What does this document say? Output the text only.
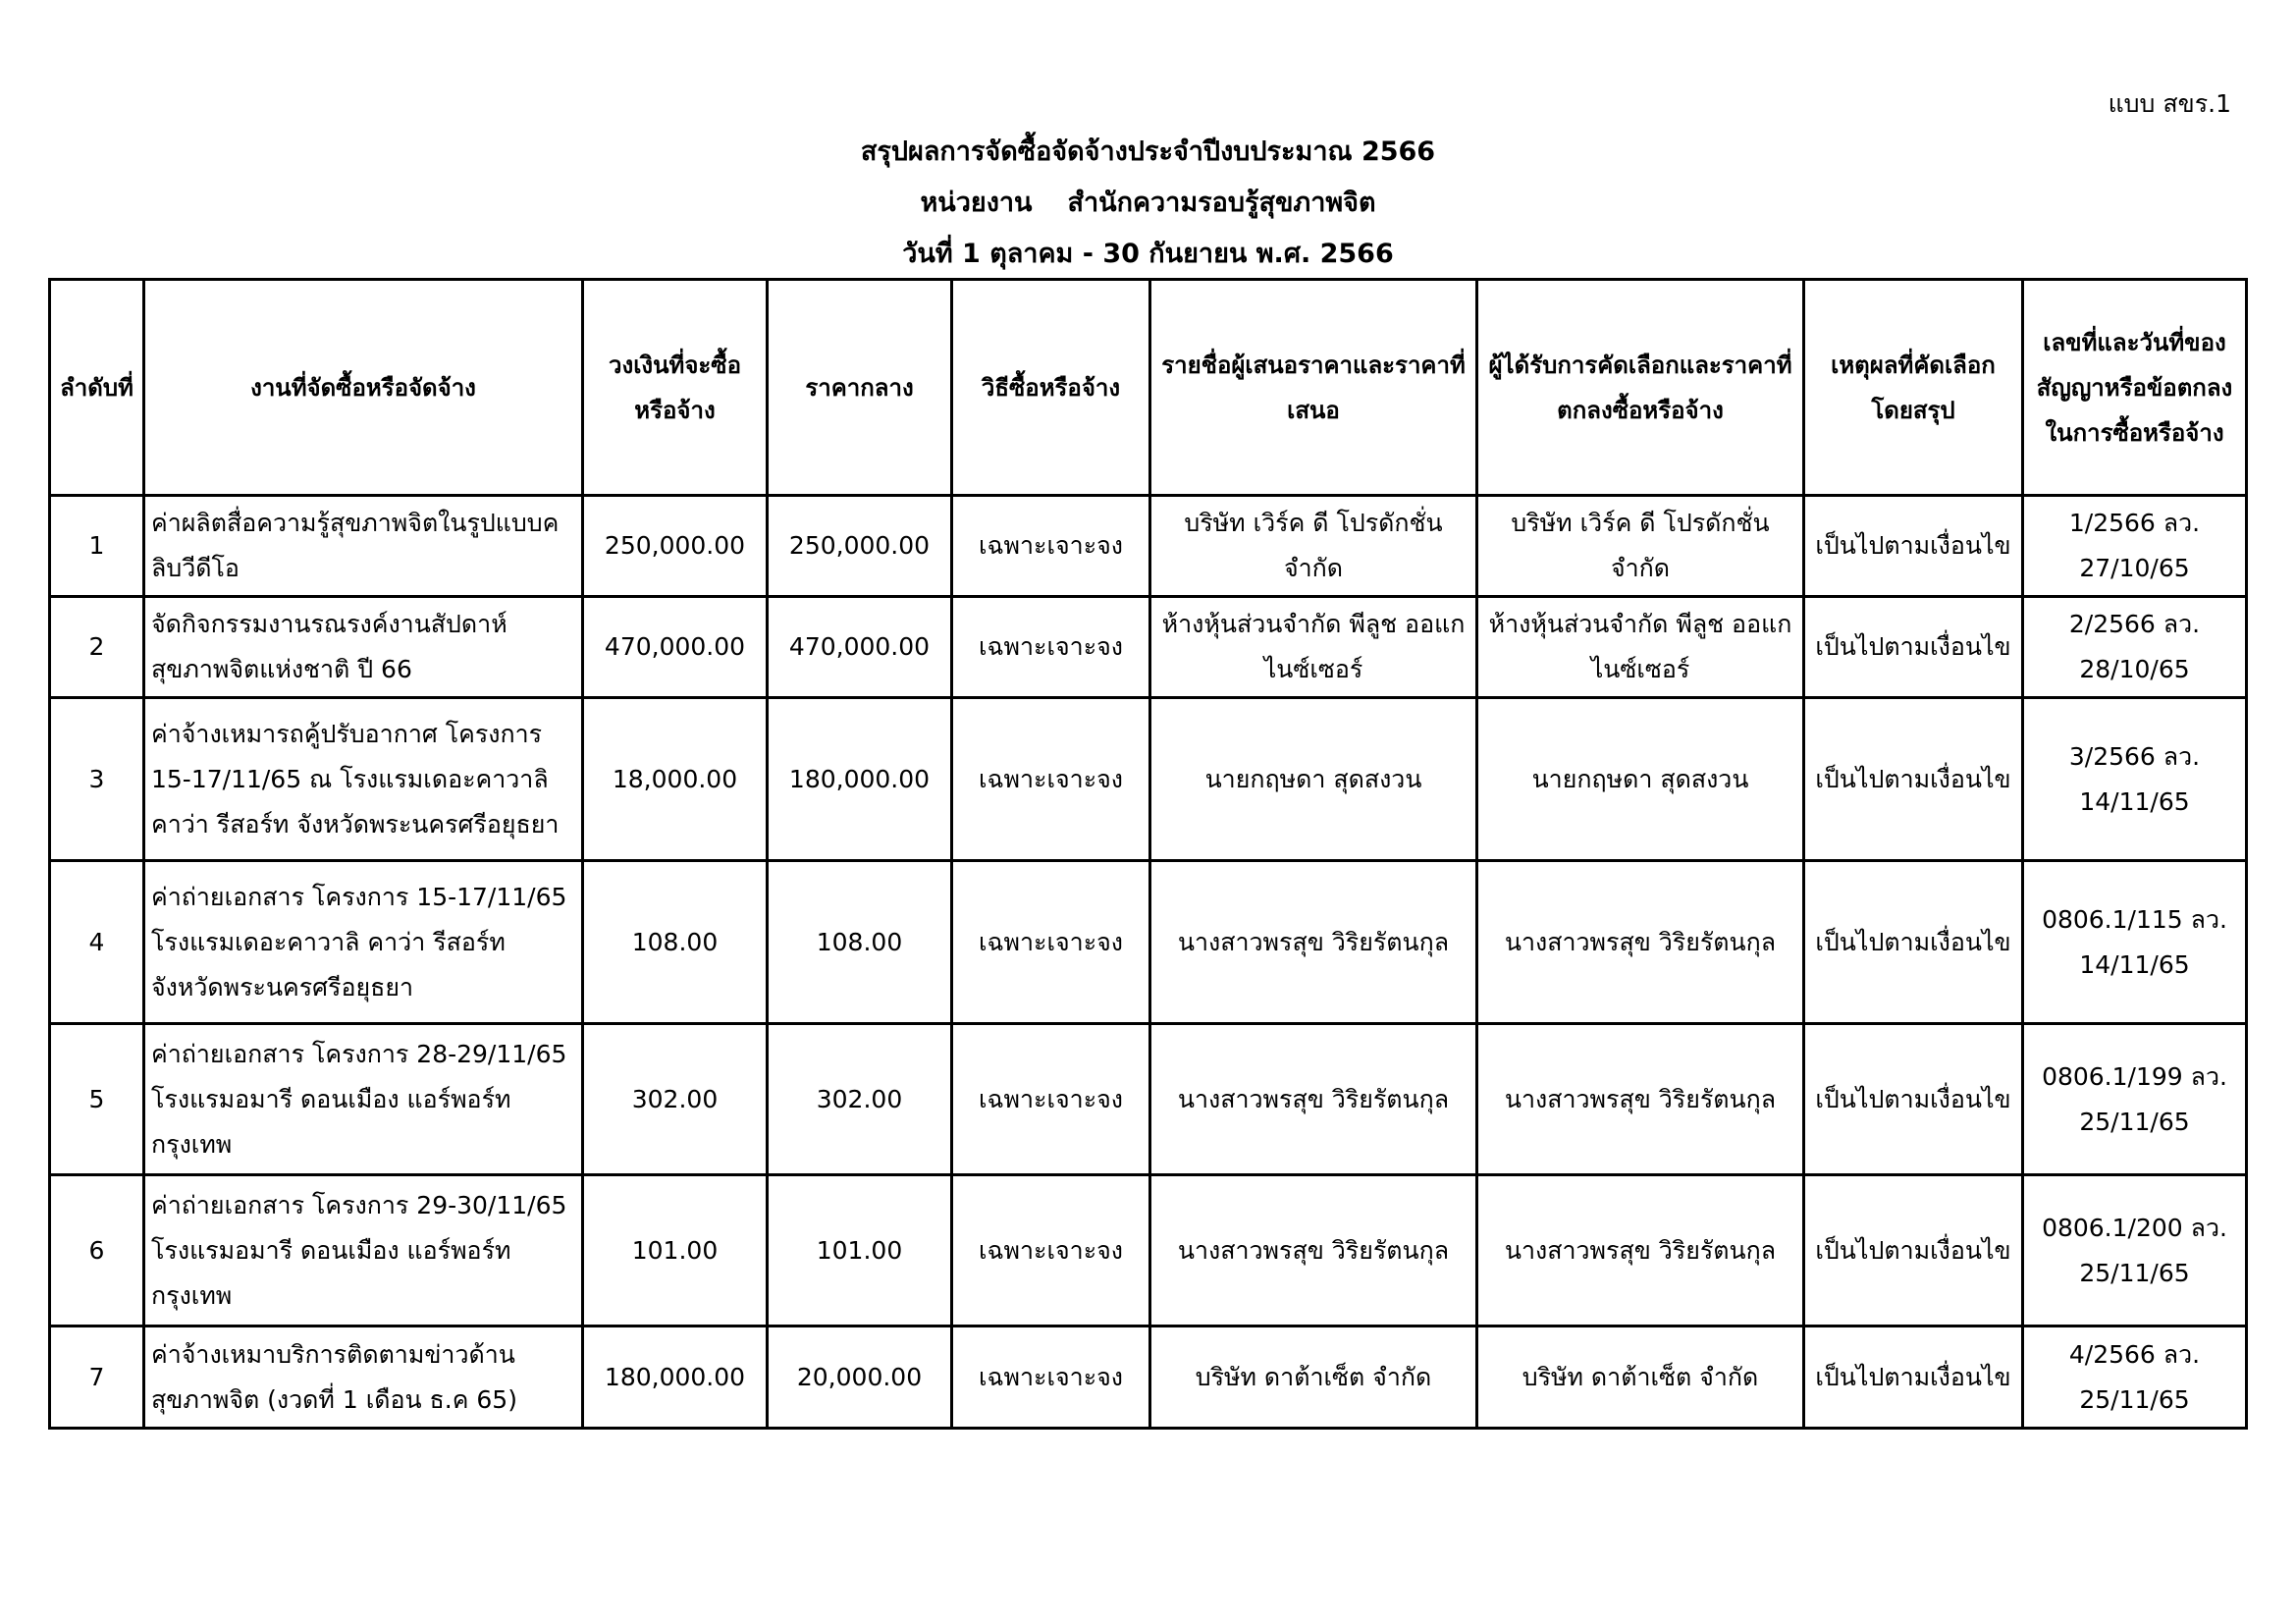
แบบ สขร.1
สรุปผลการจัดซื้อจัดจ้างประจำปีงบประมาณ 2566
หน่วยงาน สำนักความรอบรู้สุขภาพจิต
วันที่ 1 ตุลาคม - 30 กันยายน พ.ศ. 2566
ลำดับที่	งานที่จัดซื้อหรือจัดจ้าง	วงเงินที่จะซื้อหรือจ้าง	ราคากลาง	วิธีซื้อหรือจ้าง	รายชื่อผู้เสนอราคาและราคาที่เสนอ	ผู้ได้รับการคัดเลือกและราคาที่ตกลงซื้อหรือจ้าง	เหตุผลที่คัดเลือกโดยสรุป	เลขที่และวันที่ของสัญญาหรือข้อตกลงในการซื้อหรือจ้าง
1	ค่าผลิตสื่อความรู้สุขภาพจิตในรูปแบบคลิบวีดีโอ	250,000.00	250,000.00	เฉพาะเจาะจง	บริษัท เวิร์ค ดี โปรดักชั่น จำกัด	บริษัท เวิร์ค ดี โปรดักชั่น จำกัด	เป็นไปตามเงื่อนไข	1/2566 ลว. 27/10/65
2	จัดกิจกรรมงานรณรงค์งานสัปดาห์สุขภาพจิตแห่งชาติ ปี 66	470,000.00	470,000.00	เฉพาะเจาะจง	ห้างหุ้นส่วนจำกัด พีลูช ออแกไนซ์เซอร์	ห้างหุ้นส่วนจำกัด พีลูช ออแกไนซ์เซอร์	เป็นไปตามเงื่อนไข	2/2566 ลว. 28/10/65
3	ค่าจ้างเหมารถคู้ปรับอากาศ โครงการ 15-17/11/65 ณ โรงแรมเดอะคาวาลิ คาว่า รีสอร์ท จังหวัดพระนครศรีอยุธยา	18,000.00	180,000.00	เฉพาะเจาะจง	นายกฤษดา สุดสงวน	นายกฤษดา สุดสงวน	เป็นไปตามเงื่อนไข	3/2566 ลว. 14/11/65
4	ค่าถ่ายเอกสาร โครงการ 15-17/11/65 โรงแรมเดอะคาวาลิ คาว่า รีสอร์ท จังหวัดพระนครศรีอยุธยา	108.00	108.00	เฉพาะเจาะจง	นางสาวพรสุข วิริยรัตนกุล	นางสาวพรสุข วิริยรัตนกุล	เป็นไปตามเงื่อนไข	0806.1/115 ลว. 14/11/65
5	ค่าถ่ายเอกสาร โครงการ 28-29/11/65 โรงแรมอมารี ดอนเมือง แอร์พอร์ท กรุงเทพ	302.00	302.00	เฉพาะเจาะจง	นางสาวพรสุข วิริยรัตนกุล	นางสาวพรสุข วิริยรัตนกุล	เป็นไปตามเงื่อนไข	0806.1/199 ลว. 25/11/65
6	ค่าถ่ายเอกสาร โครงการ 29-30/11/65 โรงแรมอมารี ดอนเมือง แอร์พอร์ท กรุงเทพ	101.00	101.00	เฉพาะเจาะจง	นางสาวพรสุข วิริยรัตนกุล	นางสาวพรสุข วิริยรัตนกุล	เป็นไปตามเงื่อนไข	0806.1/200 ลว. 25/11/65
7	ค่าจ้างเหมาบริการติดตามข่าวด้านสุขภาพจิต (งวดที่ 1 เดือน ธ.ค 65)	180,000.00	20,000.00	เฉพาะเจาะจง	บริษัท ดาต้าเซ็ต จำกัด	บริษัท ดาต้าเซ็ต จำกัด	เป็นไปตามเงื่อนไข	4/2566 ลว. 25/11/65
